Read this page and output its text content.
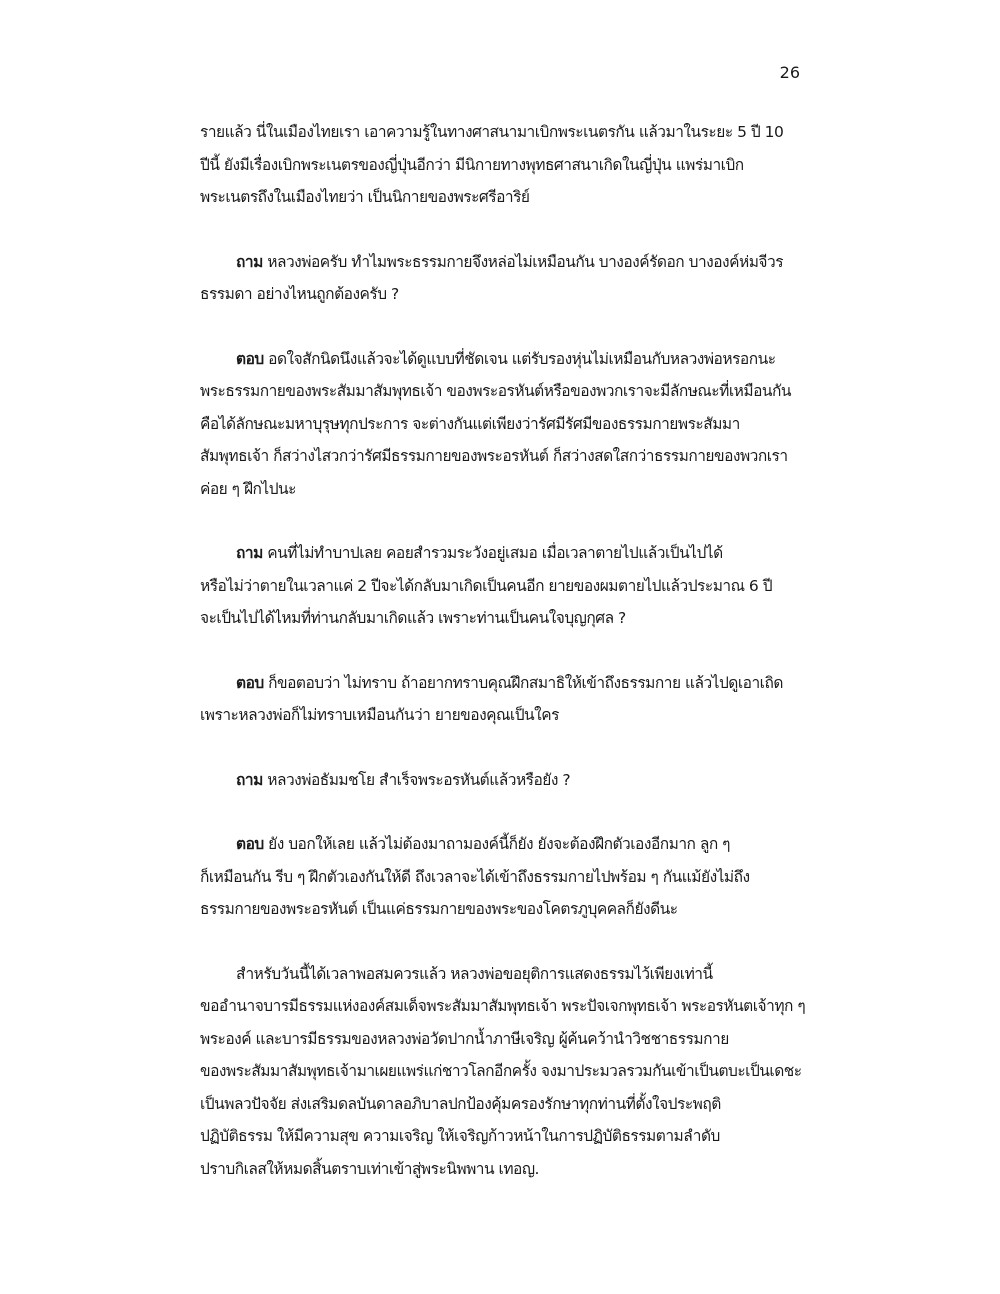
26
รายแล้ว นี่ในเมืองไทยเรา เอาความรู้ในทางศาสนามาเบิกพระเนตรกัน แล้วมาในระยะ 5 ปี 10
ปีนี้ ยังมีเรื่องเบิกพระเนตรของญี่ปุ่นอีกว่า มีนิกายทางพุทธศาสนาเกิดในญี่ปุ่น แพร่มาเบิก
พระเนตรถึงในเมืองไทยว่า เป็นนิกายของพระศรีอาริย์
ถาม หลวงพ่อครับ ทำไมพระธรรมกายจึงหล่อไม่เหมือนกัน บางองค์รัดอก บางองค์ห่มจีวร
ธรรมดา อย่างไหนถูกต้องครับ ?
ตอบ อดใจสักนิดนึงแล้วจะได้ดูแบบที่ชัดเจน แต่รับรองหุ่นไม่เหมือนกับหลวงพ่อหรอกนะ
พระธรรมกายของพระสัมมาสัมพุทธเจ้า ของพระอรหันต์หรือของพวกเราจะมีลักษณะที่เหมือนกัน
คือได้ลักษณะมหาบุรุษทุกประการ จะต่างกันแต่เพียงว่ารัศมีรัศมีของธรรมกายพระสัมมา
สัมพุทธเจ้า ก็สว่างไสวกว่ารัศมีธรรมกายของพระอรหันต์ ก็สว่างสดใสกว่าธรรมกายของพวกเรา
ค่อย ๆ ฝึกไปนะ
ถาม คนที่ไม่ทำบาปเลย คอยสำรวมระวังอยู่เสมอ เมื่อเวลาตายไปแล้วเป็นไปได้
หรือไม่ว่าตายในเวลาแค่ 2 ปีจะได้กลับมาเกิดเป็นคนอีก ยายของผมตายไปแล้วประมาณ 6 ปี
จะเป็นไปได้ไหมที่ท่านกลับมาเกิดแล้ว เพราะท่านเป็นคนใจบุญกุศล ?
ตอบ ก็ขอตอบว่า ไม่ทราบ ถ้าอยากทราบคุณฝึกสมาธิให้เข้าถึงธรรมกาย แล้วไปดูเอาเถิด
เพราะหลวงพ่อก็ไม่ทราบเหมือนกันว่า ยายของคุณเป็นใคร
ถาม หลวงพ่อธัมมชโย สำเร็จพระอรหันต์แล้วหรือยัง ?
ตอบ ยัง บอกให้เลย แล้วไม่ต้องมาถามองค์นี้ก็ยัง ยังจะต้องฝึกตัวเองอีกมาก ลูก ๆ
ก็เหมือนกัน รีบ ๆ ฝึกตัวเองกันให้ดี ถึงเวลาจะได้เข้าถึงธรรมกายไปพร้อม ๆ กันแม้ยังไม่ถึง
ธรรมกายของพระอรหันต์ เป็นแค่ธรรมกายของพระของโคตรภูบุคคลก็ยังดีนะ
สำหรับวันนี้ได้เวลาพอสมควรแล้ว หลวงพ่อขอยุติการแสดงธรรมไว้เพียงเท่านี้
ขออำนาจบารมีธรรมแห่งองค์สมเด็จพระสัมมาสัมพุทธเจ้า พระปัจเจกพุทธเจ้า พระอรหันตเจ้าทุก ๆ
พระองค์ และบารมีธรรมของหลวงพ่อวัดปากน้ำภาษีเจริญ ผู้ค้นคว้านำวิชชาธรรมกาย
ของพระสัมมาสัมพุทธเจ้ามาเผยแพร่แก่ชาวโลกอีกครั้ง จงมาประมวลรวมกันเข้าเป็นตบะเป็นเดชะ
เป็นพลวปัจจัย ส่งเสริมดลบันดาลอภิบาลปกป้องคุ้มครองรักษาทุกท่านที่ตั้งใจประพฤติ
ปฏิบัติธรรม ให้มีความสุข ความเจริญ ให้เจริญก้าวหน้าในการปฏิบัติธรรมตามลำดับ
ปราบกิเลสให้หมดสิ้นตราบเท่าเข้าสู่พระนิพพาน เทอญ.
